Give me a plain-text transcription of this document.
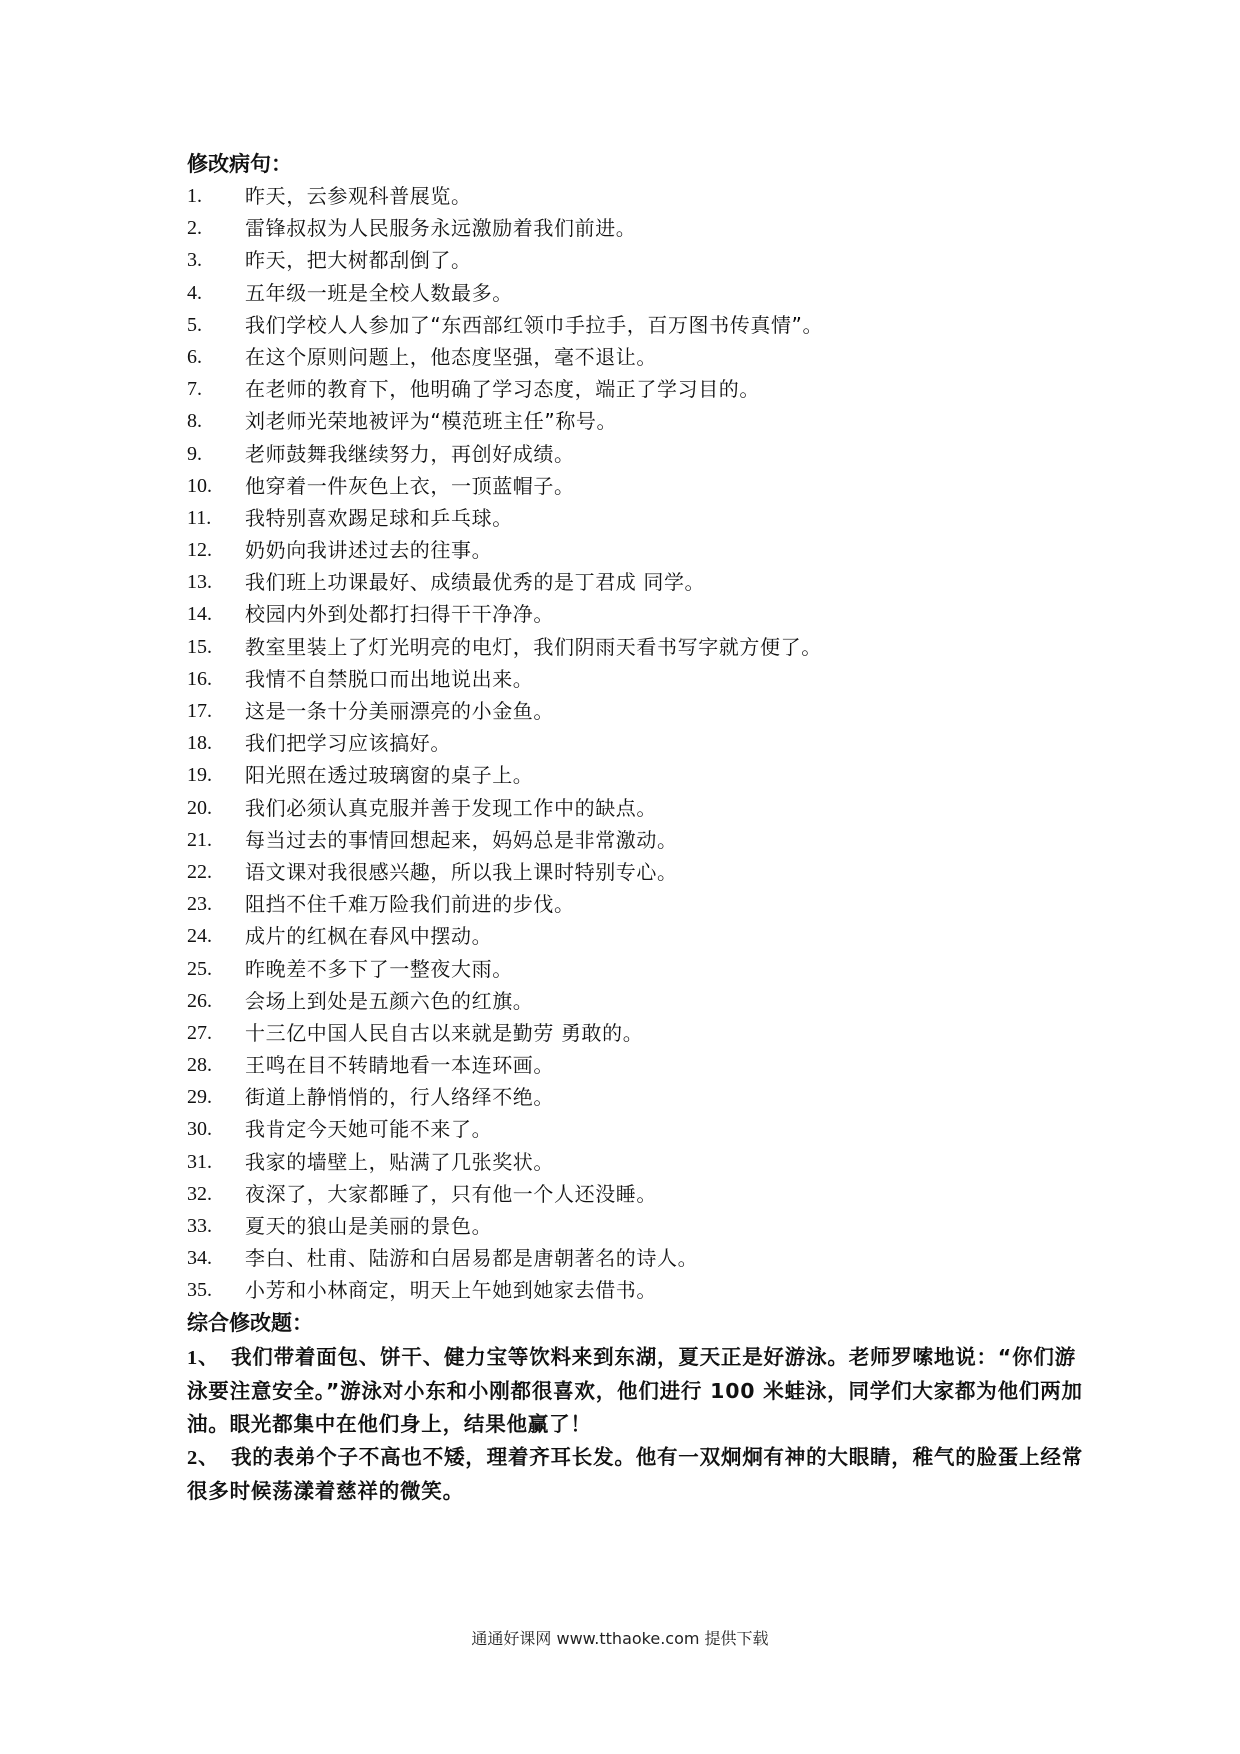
修改病句：
1.	昨天，云参观科普展览。
2.	雷锋叔叔为人民服务永远激励着我们前进。
3.	昨天，把大树都刮倒了。
4.	五年级一班是全校人数最多。
5.	我们学校人人参加了“东西部红领巾手拉手，百万图书传真情”。
6.	在这个原则问题上，他态度坚强，毫不退让。
7.	在老师的教育下，他明确了学习态度，端正了学习目的。
8.	刘老师光荣地被评为“模范班主任”称号。
9.	老师鼓舞我继续努力，再创好成绩。
10.	他穿着一件灰色上衣，一顶蓝帽子。
11.	我特别喜欢踢足球和乒乓球。
12.	奶奶向我讲述过去的往事。
13.	我们班上功课最好、成绩最优秀的是丁君成 同学。
14.	校园内外到处都打扫得干干净净。
15.	教室里装上了灯光明亮的电灯，我们阴雨天看书写字就方便了。
16.	我情不自禁脱口而出地说出来。
17.	这是一条十分美丽漂亮的小金鱼。
18.	我们把学习应该搞好。
19.	阳光照在透过玻璃窗的桌子上。
20.	我们必须认真克服并善于发现工作中的缺点。
21.	每当过去的事情回想起来，妈妈总是非常激动。
22.	语文课对我很感兴趣，所以我上课时特别专心。
23.	阻挡不住千难万险我们前进的步伐。
24.	成片的红枫在春风中摆动。
25.	昨晚差不多下了一整夜大雨。
26.	会场上到处是五颜六色的红旗。
27.	十三亿中国人民自古以来就是勤劳 勇敢的。
28.	王鸣在目不转睛地看一本连环画。
29.	街道上静悄悄的，行人络绎不绝。
30.	我肯定今天她可能不来了。
31.	我家的墙壁上，贴满了几张奖状。
32.	夜深了，大家都睡了，只有他一个人还没睡。
33.	夏天的狼山是美丽的景色。
34.	李白、杜甫、陆游和白居易都是唐朝著名的诗人。
35.	小芳和小林商定，明天上午她到她家去借书。
综合修改题：

1、 我们带着面包、饼干、健力宝等饮料来到东湖，夏天正是好游泳。老师罗嗦地说：“你们游泳要注意安全。”游泳对小东和小刚都很喜欢，他们进行 100 米蛙泳，同学们大家都为他们两加油。眼光都集中在他们身上，结果他赢了！

2、 我的表弟个子不高也不矮，理着齐耳长发。他有一双炯炯有神的大眼睛，稚气的脸蛋上经常很多时候荡漾着慈祥的微笑。

通通好课网 www.tthaoke.com 提供下载
